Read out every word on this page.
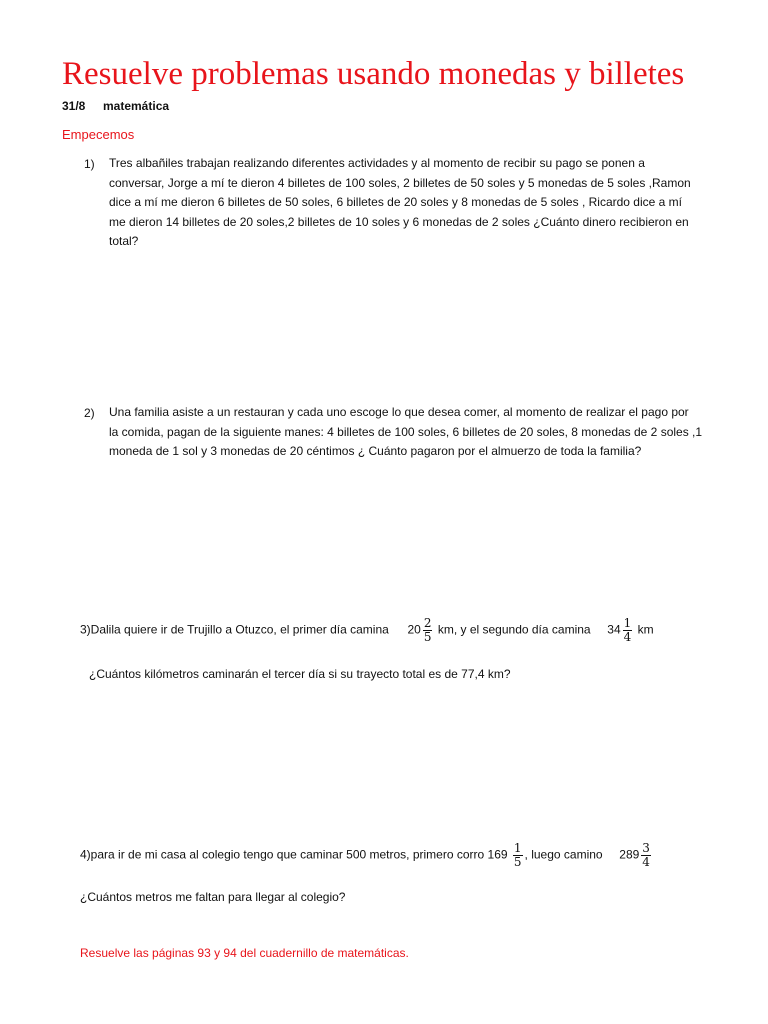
Resuelve problemas usando monedas y billetes
31/8 matemática
Empecemos
1) Tres albañiles trabajan realizando diferentes actividades y al momento de recibir su pago se ponen a
conversar, Jorge a mí te dieron 4 billetes de 100 soles, 2 billetes de 50 soles y 5 monedas de 5 soles ,Ramon
dice a mí me dieron 6 billetes de 50 soles, 6 billetes de 20 soles y 8 monedas de 5 soles , Ricardo dice a mí
me dieron 14 billetes de 20 soles,2 billetes de 10 soles y 6 monedas de 2 soles ¿Cuánto dinero recibieron en
total?
2) Una familia asiste a un restauran y cada uno escoge lo que desea comer, al momento de realizar el pago por
la comida, pagan de la siguiente manes: 4 billetes de 100 soles, 6 billetes de 20 soles, 8 monedas de 2 soles ,1
moneda de 1 sol y 3 monedas de 20 céntimos ¿ Cuánto pagaron por el almuerzo de toda la familia?
3)Dalila quiere ir de Trujillo a Otuzco, el primer día camina $20 \frac{2}{5}$ km, y el segundo día camina $34 \frac{1}{4}$ km
¿Cuántos kilómetros caminarán el tercer día si su trayecto total es de 77,4 km?
4)para ir de mi casa al colegio tengo que caminar 500 metros, primero corro $169 \frac{1}{5}$ , luego camino $289 \frac{3}{4}$
¿Cuántos metros me faltan para llegar al colegio?
Resuelve las páginas 93 y 94 del cuadernillo de matemáticas.
